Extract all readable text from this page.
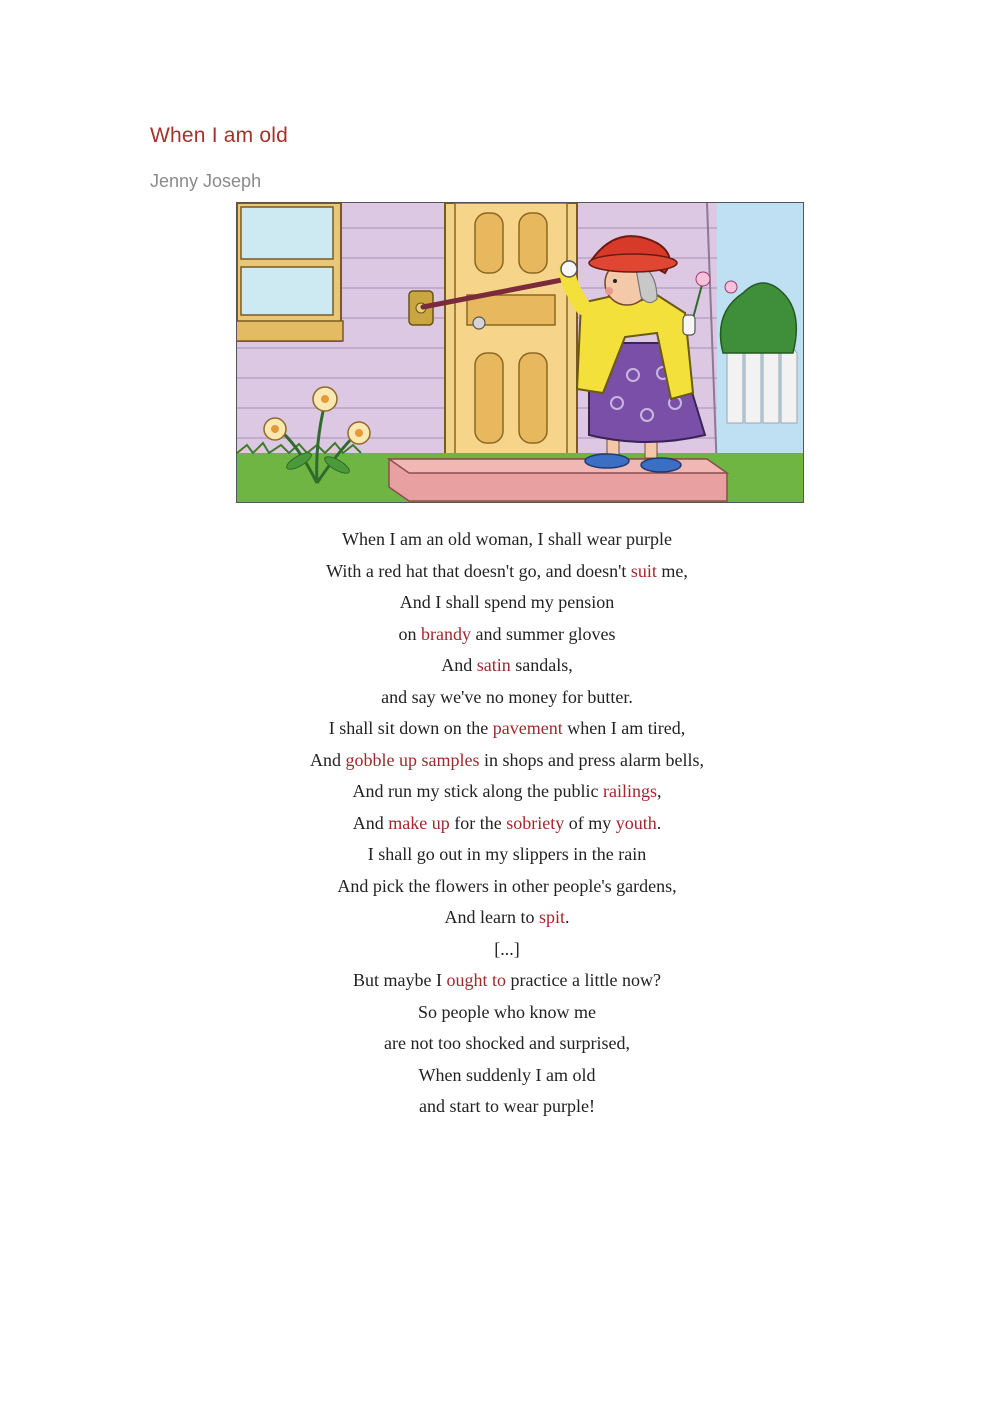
When I am old
Jenny Joseph
When I am an old woman, I shall wear purple
With a red hat that doesn't go, and doesn't suit me,
And I shall spend my pension
on brandy and summer gloves
And satin sandals,
and say we've no money for butter.
I shall sit down on the pavement when I am tired,
And gobble up samples in shops and press alarm bells,
And run my stick along the public railings,
And make up for the sobriety of my youth.
I shall go out in my slippers in the rain
And pick the flowers in other people's gardens,
And learn to spit.
[...]
But maybe I ought to practice a little now?
So people who know me
are not too shocked and surprised,
When suddenly I am old
and start to wear purple!
